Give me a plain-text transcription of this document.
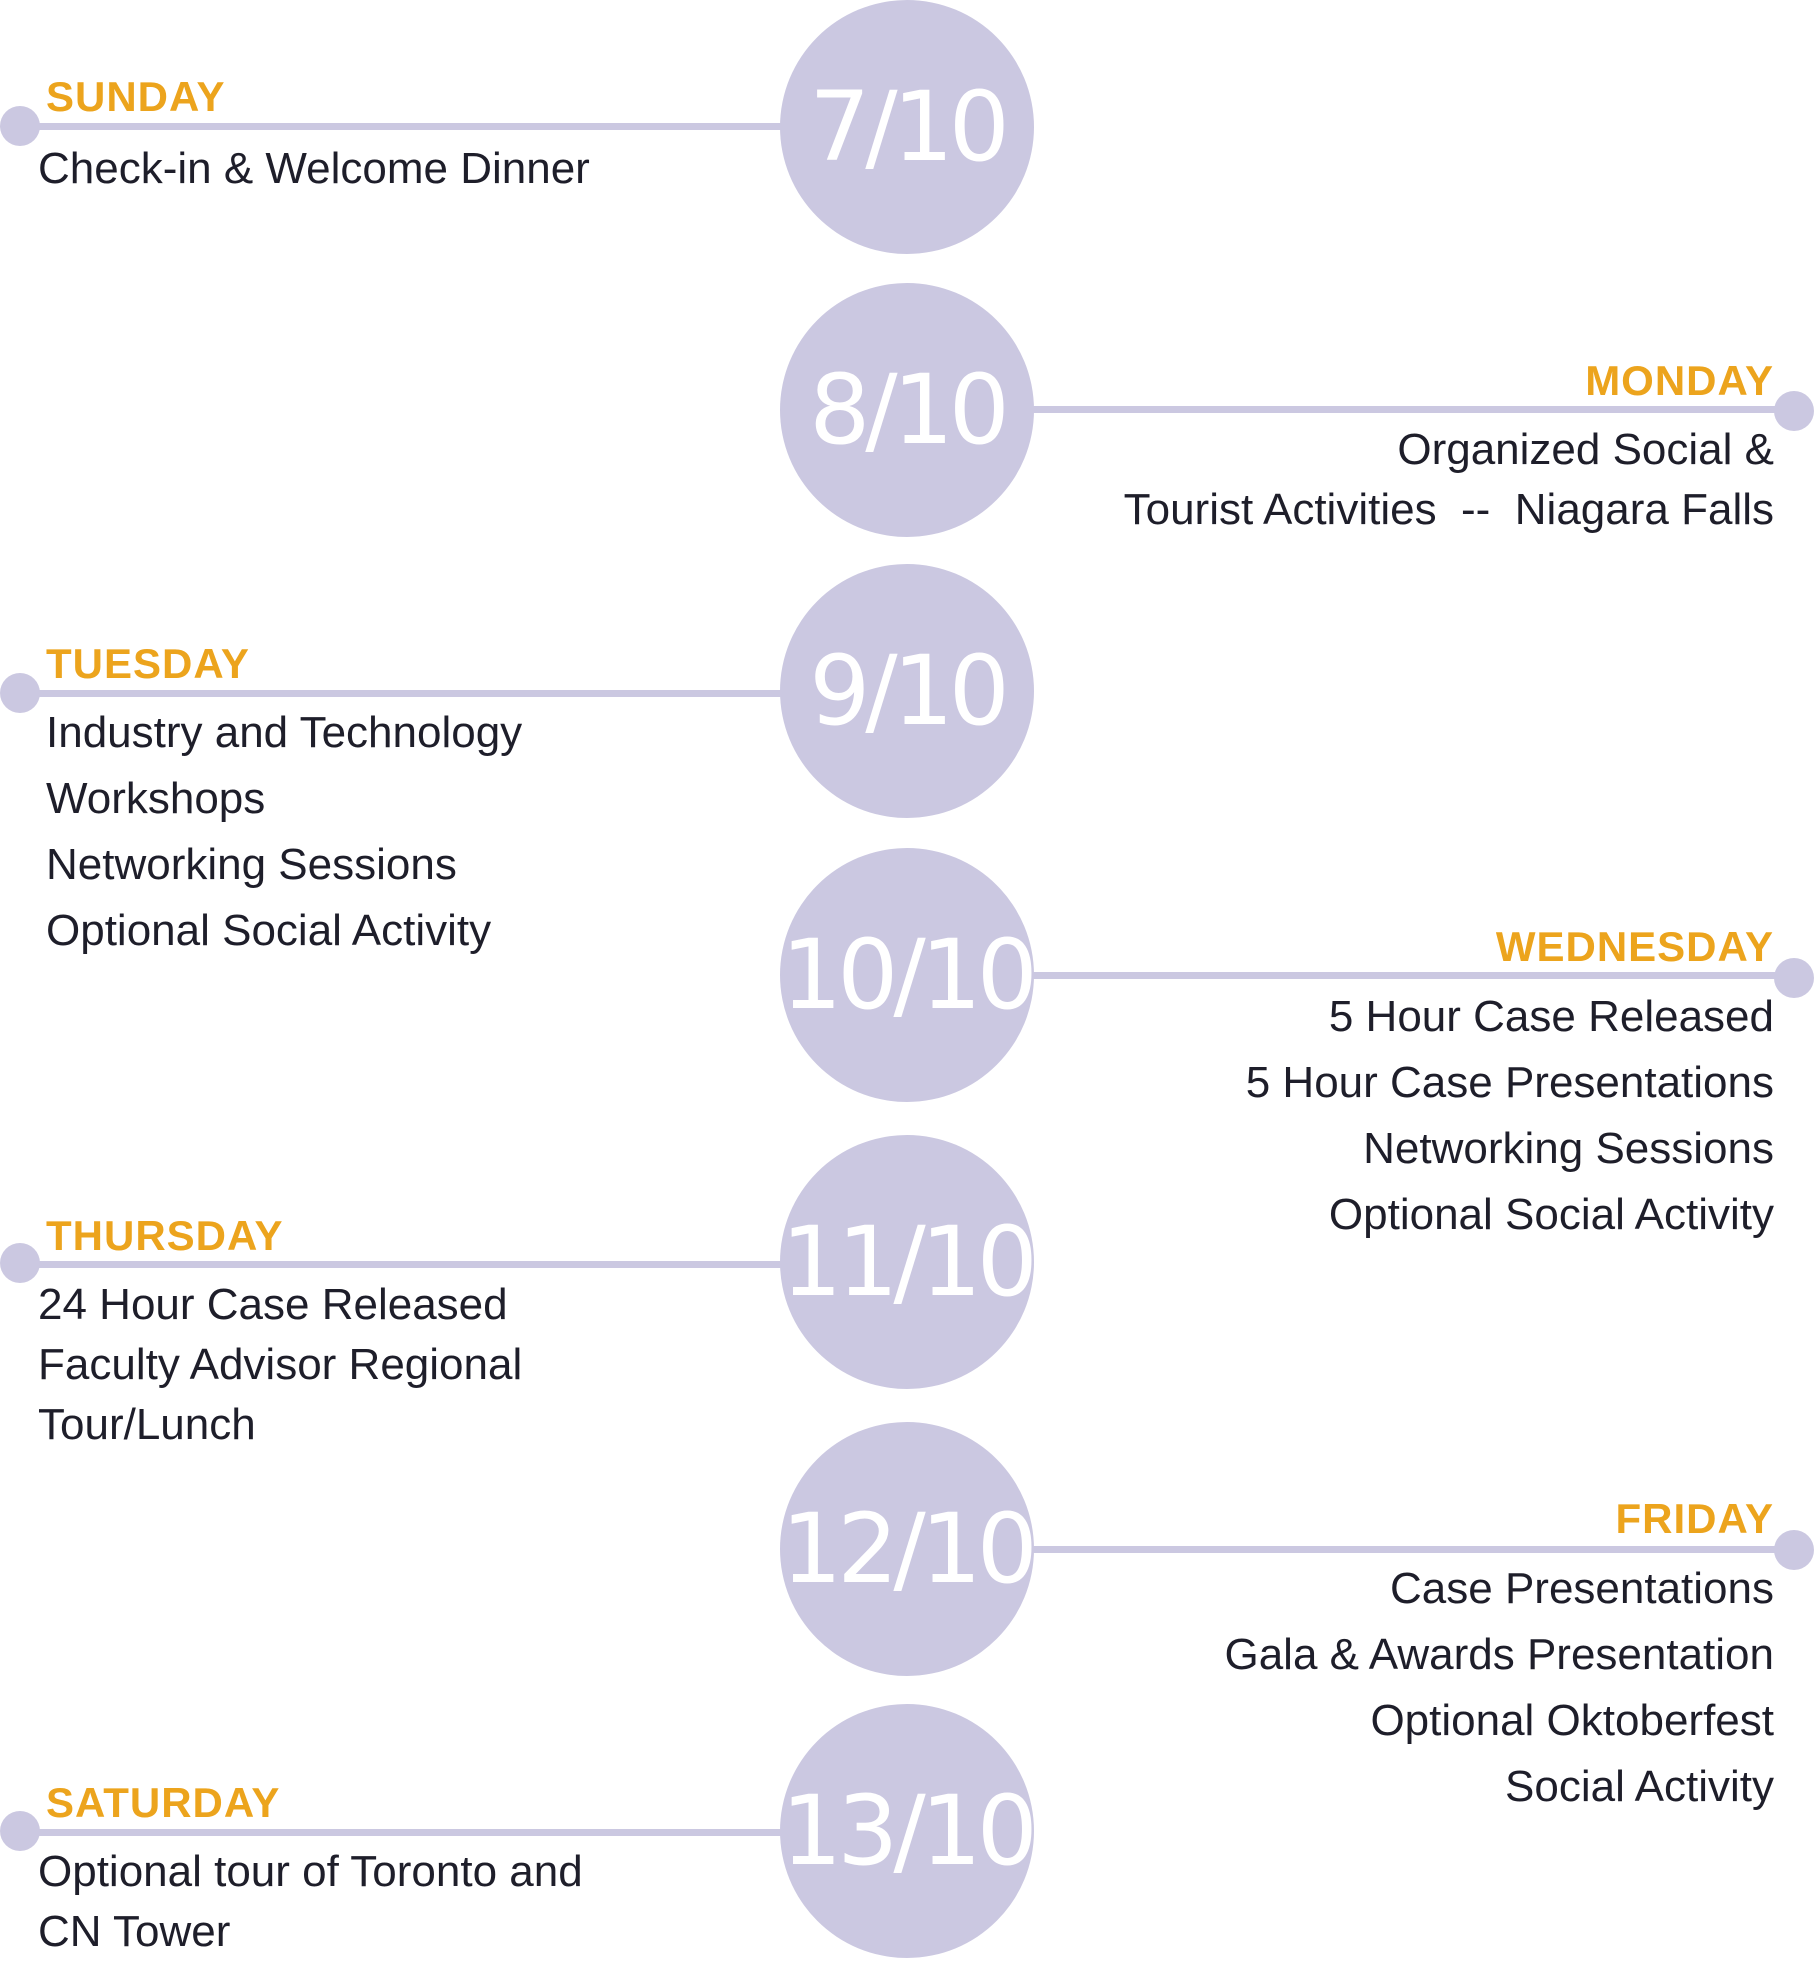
7/10
SUNDAY
Check-in & Welcome Dinner
8/10	MONDAY
Organized Social &
Tourist Activities  --  Niagara Falls
9/10
TUESDAY
Industry and Technology
Workshops
Networking Sessions
Optional Social Activity	10/10	WEDNESDAY
5 Hour Case Released
5 Hour Case Presentations
Networking Sessions
Optional Social Activity
11/10
THURSDAY
24 Hour Case Released
Faculty Advisor Regional
Tour/Lunch
12/10	FRIDAY
Case Presentations
Gala & Awards Presentation
Optional Oktoberfest
Social Activity
13/10
SATURDAY
Optional tour of Toronto and
CN Tower
